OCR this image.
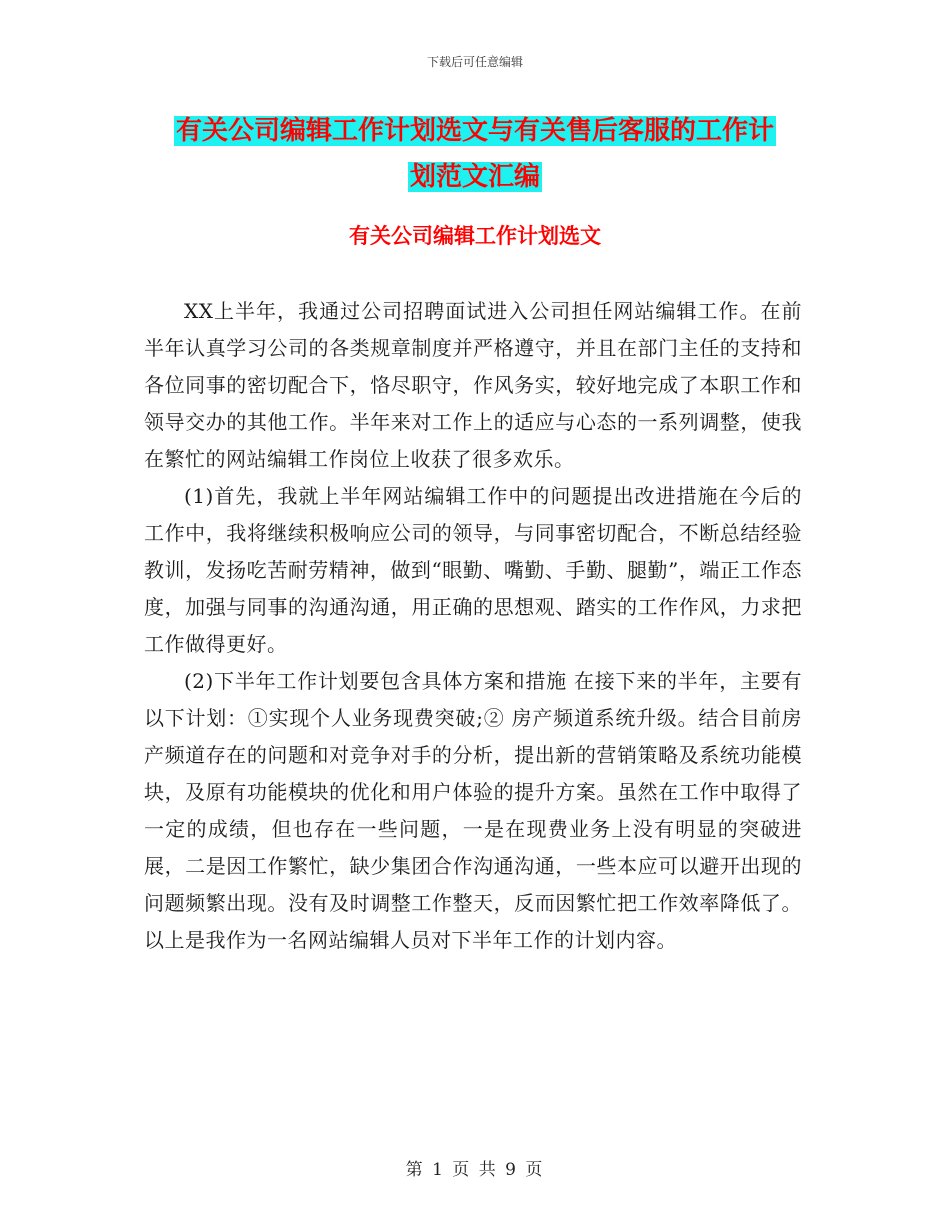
下载后可任意编辑
有关公司编辑工作计划选文与有关售后客服的工作计
划范文汇编
有关公司编辑工作计划选文

XX上半年，我通过公司招聘面试进入公司担任网站编辑工作。在前半年认真学习公司的各类规章制度并严格遵守，并且在部门主任的支持和各位同事的密切配合下，恪尽职守，作风务实，较好地完成了本职工作和领导交办的其他工作。半年来对工作上的适应与心态的一系列调整，使我在繁忙的网站编辑工作岗位上收获了很多欢乐。

(1)首先，我就上半年网站编辑工作中的问题提出改进措施在今后的工作中，我将继续积极响应公司的领导，与同事密切配合，不断总结经验教训，发扬吃苦耐劳精神，做到“眼勤、嘴勤、手勤、腿勤”，端正工作态度，加强与同事的沟通沟通，用正确的思想观、踏实的工作作风，力求把工作做得更好。

(2)下半年工作计划要包含具体方案和措施 在接下来的半年，主要有以下计划：①实现个人业务现费突破;② 房产频道系统升级。结合目前房产频道存在的问题和对竞争对手的分析，提出新的营销策略及系统功能模块，及原有功能模块的优化和用户体验的提升方案。虽然在工作中取得了一定的成绩，但也存在一些问题，一是在现费业务上没有明显的突破进展，二是因工作繁忙，缺少集团合作沟通沟通，一些本应可以避开出现的问题频繁出现。没有及时调整工作整天，反而因繁忙把工作效率降低了。以上是我作为一名网站编辑人员对下半年工作的计划内容。

第 1 页 共 9 页
